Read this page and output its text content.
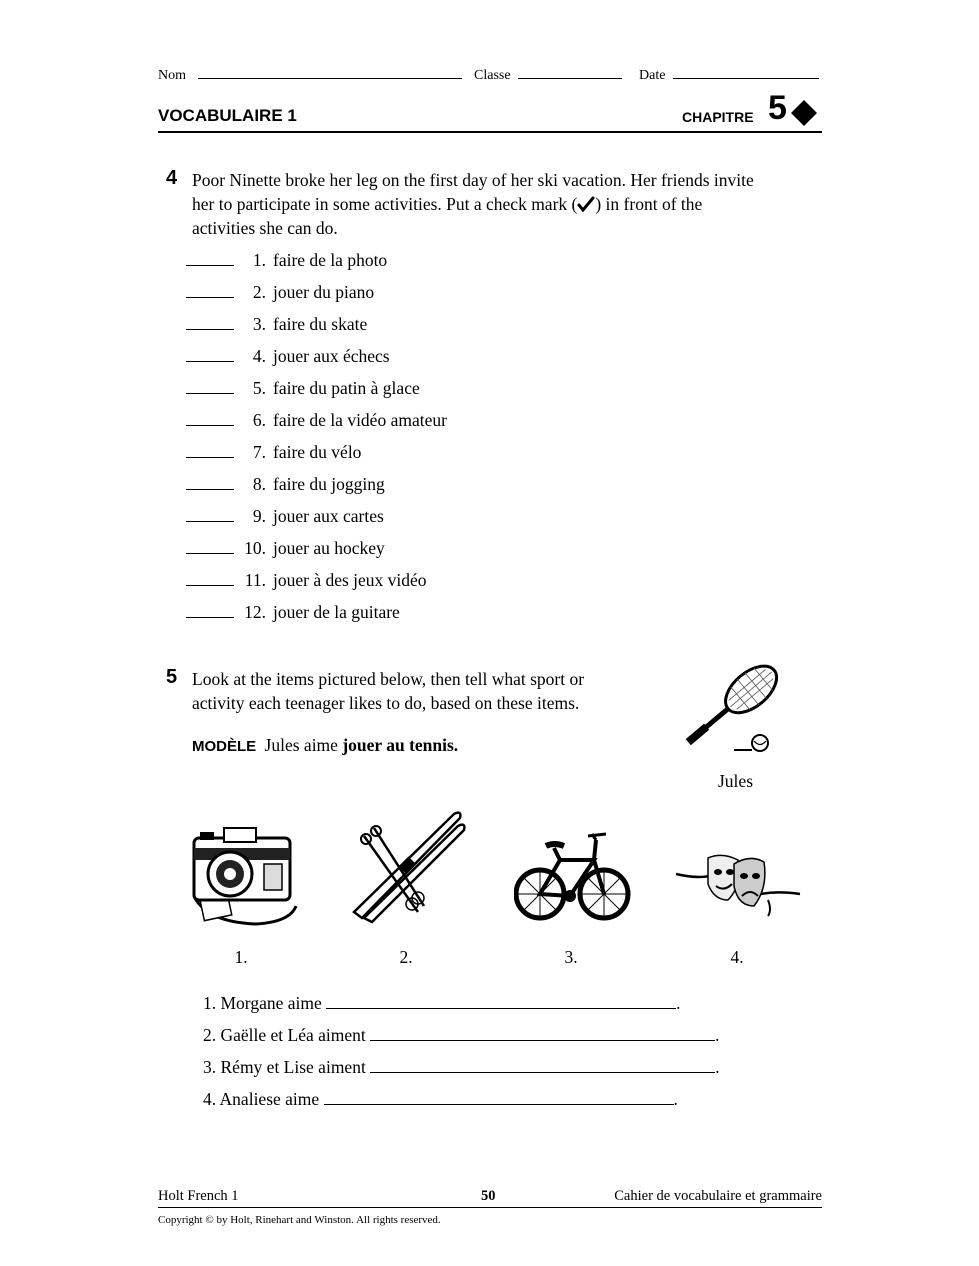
Nom	Classe	Date
VOCABULAIRE 1	CHAPITRE 5
4 Poor Ninette broke her leg on the first day of her ski vacation. Her friends invite
her to participate in some activities. Put a check mark ( ) in front of the
activities she can do.
1. faire de la photo
2. jouer du piano
3. faire du skate
4. jouer aux échecs
5. faire du patin à glace
6. faire de la vidéo amateur
7. faire du vélo
8. faire du jogging
9. jouer aux cartes
10. jouer au hockey
11. jouer à des jeux vidéo
12. jouer de la guitare
5 Look at the items pictured below, then tell what sport or
activity each teenager likes to do, based on these items.
MODÈLE Jules aime jouer au tennis.
Jules
1.	2.	3.	4.
1. Morgane aime	.
2. Gaëlle et Léa aiment	.
3. Rémy et Lise aiment	.
4. Analiese aime	.
Holt French 1	50	Cahier de vocabulaire et grammaire
Copyright © by Holt, Rinehart and Winston. All rights reserved.
